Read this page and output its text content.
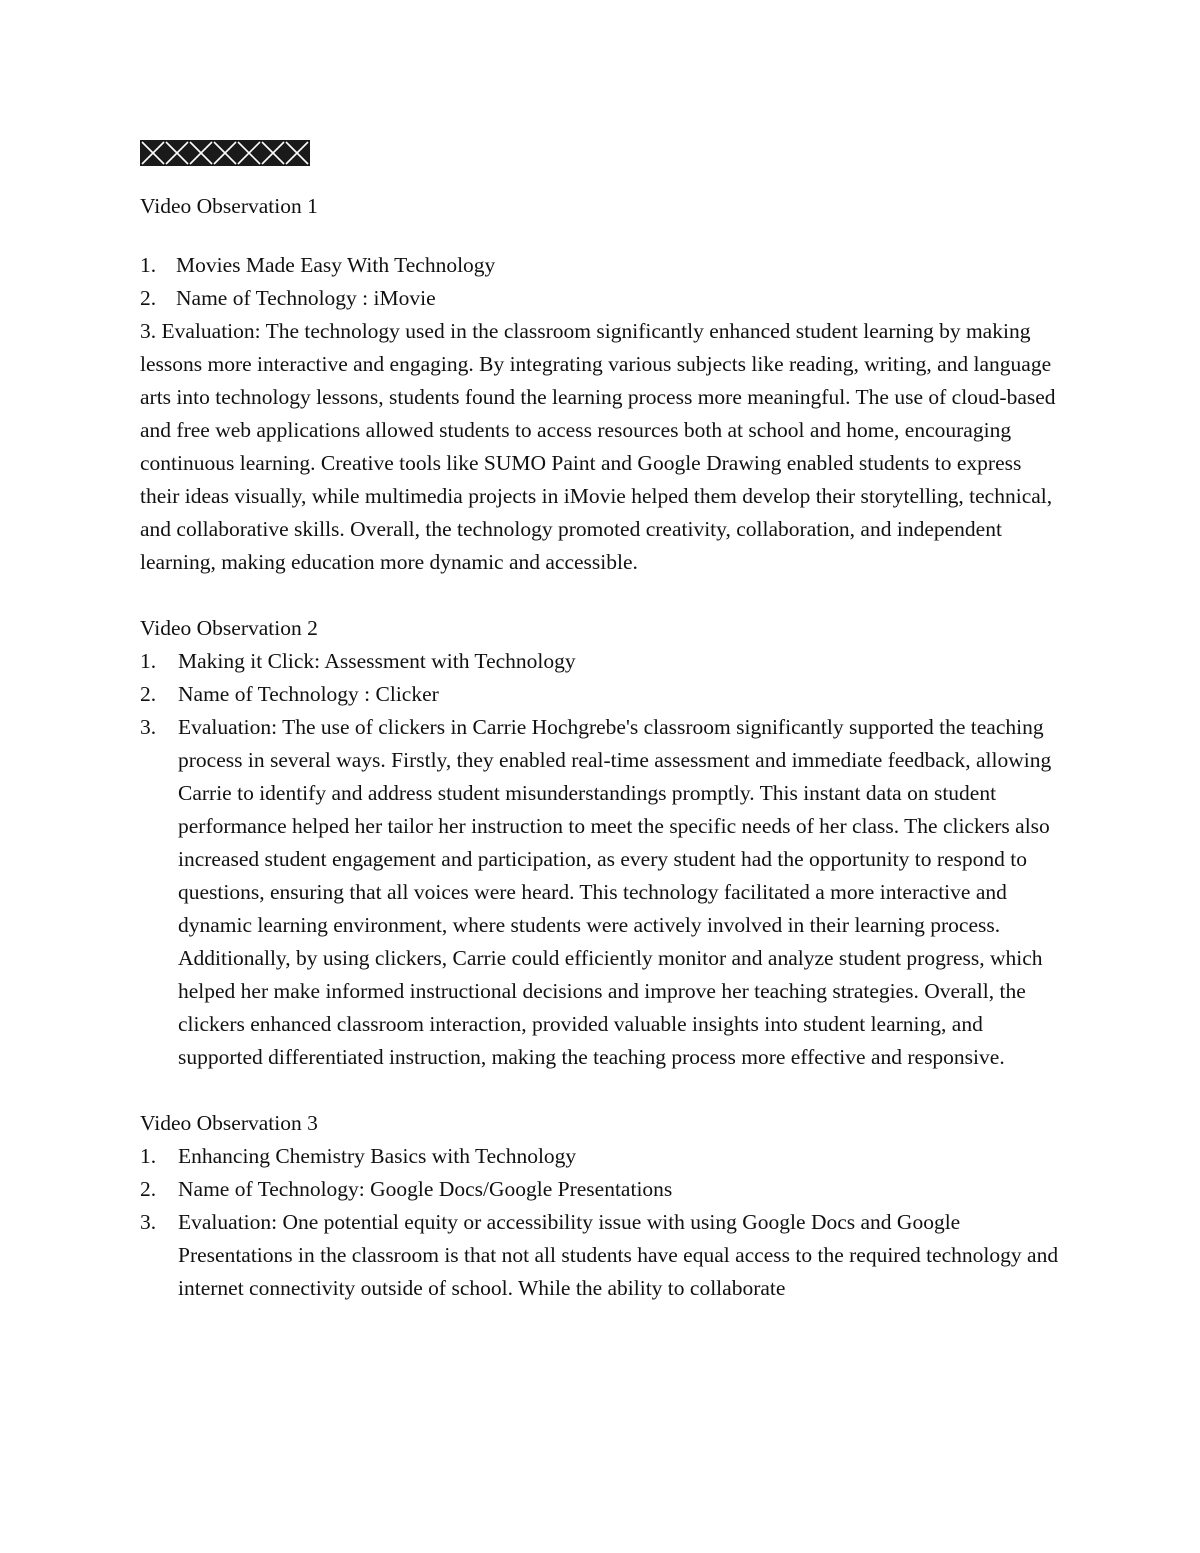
Video Observation 1

1. Movies Made Easy With Technology
2. Name of Technology : iMovie

3. Evaluation: The technology used in the classroom significantly enhanced student learning by making lessons more interactive and engaging. By integrating various subjects like reading, writing, and language arts into technology lessons, students found the learning process more meaningful. The use of cloud-based and free web applications allowed students to access resources both at school and home, encouraging continuous learning. Creative tools like SUMO Paint and Google Drawing enabled students to express their ideas visually, while multimedia projects in iMovie helped them develop their storytelling, technical, and collaborative skills. Overall, the technology promoted creativity, collaboration, and independent learning, making education more dynamic and accessible.

Video Observation 2

1.	Making it Click: Assessment with Technology
2.	Name of Technology : Clicker
3.	Evaluation: The use of clickers in Carrie Hochgrebe's classroom significantly supported the teaching process in several ways. Firstly, they enabled real-time assessment and immediate feedback, allowing Carrie to identify and address student misunderstandings promptly. This instant data on student performance helped her tailor her instruction to meet the specific needs of her class. The clickers also increased student engagement and participation, as every student had the opportunity to respond to questions, ensuring that all voices were heard. This technology facilitated a more interactive and dynamic learning environment, where students were actively involved in their learning process. Additionally, by using clickers, Carrie could efficiently monitor and analyze student progress, which helped her make informed instructional decisions and improve her teaching strategies. Overall, the clickers enhanced classroom interaction, provided valuable insights into student learning, and supported differentiated instruction, making the teaching process more effective and responsive.

Video Observation 3

1.	Enhancing Chemistry Basics with Technology
2.	Name of Technology: Google Docs/Google Presentations
3.	Evaluation: One potential equity or accessibility issue with using Google Docs and Google Presentations in the classroom is that not all students have equal access to the required technology and internet connectivity outside of school. While the ability to collaborate
